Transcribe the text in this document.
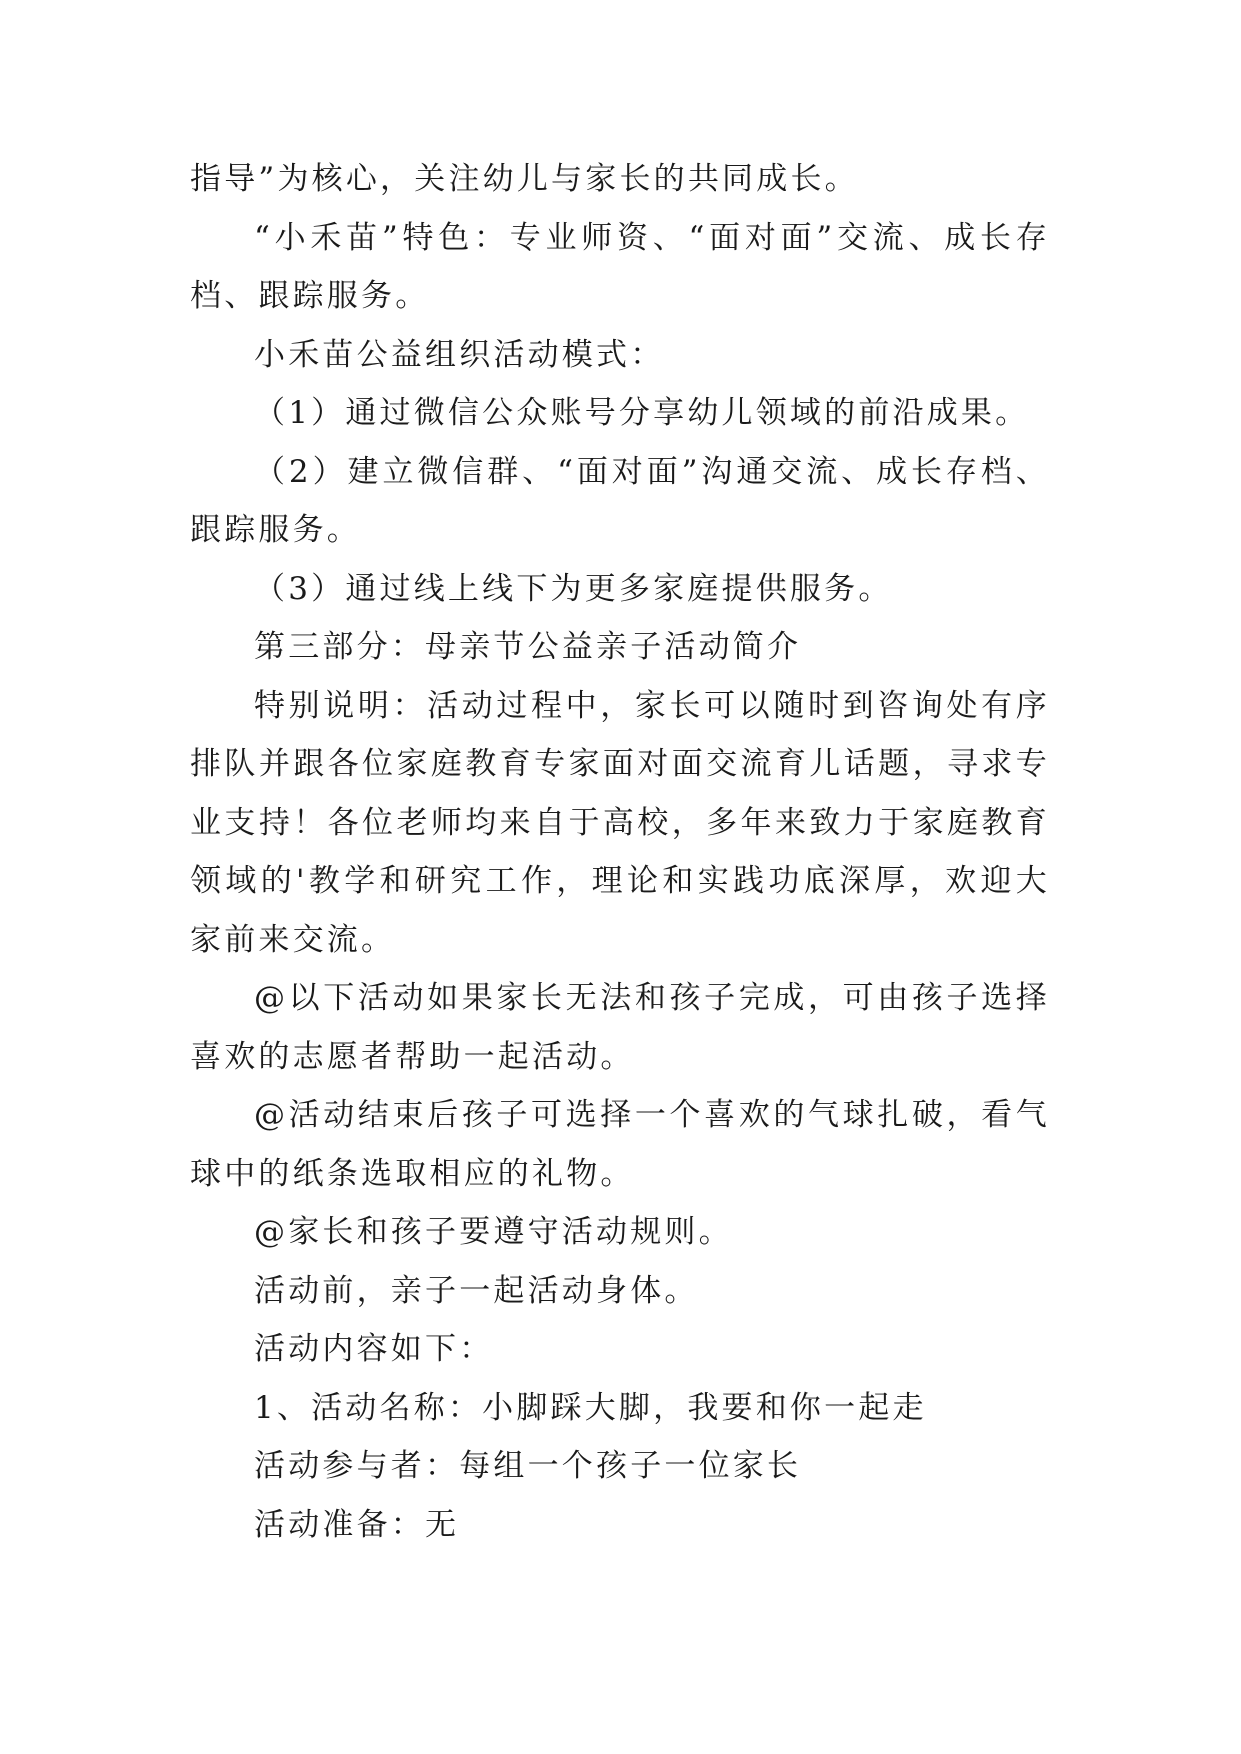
指导”为核心，关注幼儿与家长的共同成长。

“小禾苗”特色：专业师资、“面对面”交流、成长存档、跟踪服务。

小禾苗公益组织活动模式：

（1）通过微信公众账号分享幼儿领域的前沿成果。

（2）建立微信群、“面对面”沟通交流、成长存档、跟踪服务。

（3）通过线上线下为更多家庭提供服务。

第三部分：母亲节公益亲子活动简介

特别说明：活动过程中，家长可以随时到咨询处有序排队并跟各位家庭教育专家面对面交流育儿话题，寻求专业支持！各位老师均来自于高校，多年来致力于家庭教育领域的'教学和研究工作，理论和实践功底深厚，欢迎大家前来交流。

@以下活动如果家长无法和孩子完成，可由孩子选择喜欢的志愿者帮助一起活动。

@活动结束后孩子可选择一个喜欢的气球扎破，看气球中的纸条选取相应的礼物。

@家长和孩子要遵守活动规则。

活动前，亲子一起活动身体。

活动内容如下：

1、活动名称：小脚踩大脚，我要和你一起走

活动参与者：每组一个孩子一位家长

活动准备：无
